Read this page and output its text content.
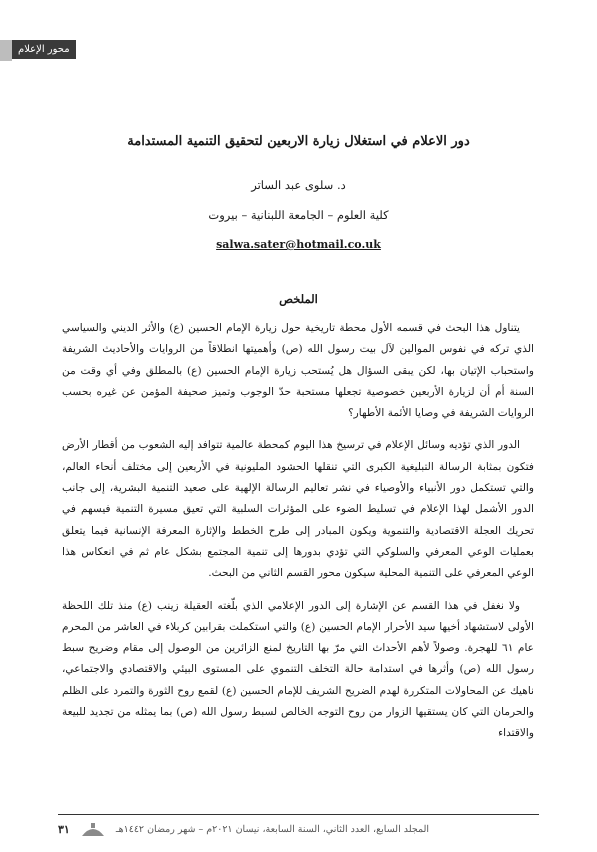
محور الإعلام
دور الاعلام في استغلال زيارة الاربعين لتحقيق التنمية المستدامة
د. سلوى عبد الساتر
كلية العلوم – الجامعة اللبنانية – بيروت
salwa.sater@hotmail.co.uk
الملخص

يتناول هذا البحث في قسمه الأول محطة تاريخية حول زيارة الإمام الحسين (ع) والأثر الديني والسياسي الذي تركه في نفوس الموالين لآل بيت رسول الله (ص) وأهميتها انطلاقاً من الروايات والأحاديث الشريفة واستحباب الإتيان بها، لكن يبقى السؤال هل يُستحب زيارة الإمام الحسين (ع) بالمطلق وفي أي وقت من السنة أم أن لزيارة الأربعين خصوصية تجعلها مستحبة حدّ الوجوب وتميز صحيفة المؤمن عن غيره بحسب الروايات الشريفة في وصايا الأئمة الأطهار؟

الدور الذي تؤديه وسائل الإعلام في ترسيخ هذا اليوم كمحطة عالمية تتوافد إليه الشعوب من أقطار الأرض فتكون بمثابة الرسالة التبليغية الكبرى التي تنقلها الحشود المليونية في الأربعين إلى مختلف أنحاء العالم، والتي تستكمل دور الأنبياء والأوصياء في نشر تعاليم الرسالة الإلهية على صعيد التنمية البشرية، إلى جانب الدور الأشمل لهذا الإعلام في تسليط الضوء على المؤثرات السلبية التي تعيق مسيرة التنمية فيسهم في تحريك العجلة الاقتصادية والتنموية ويكون المبادر إلى طرح الخطط والإثارة المعرفة الإنسانية فيما يتعلق بعمليات الوعي المعرفي والسلوكي التي تؤدي بدورها إلى تنمية المجتمع بشكل عام ثم في انعكاس هذا الوعي المعرفي على التنمية المحلية سيكون محور القسم الثاني من البحث.

ولا نغفل في هذا القسم عن الإشارة إلى الدور الإعلامي الذي بلّغته العقيلة زينب (ع) منذ تلك اللحظة الأولى لاستشهاد أخيها سيد الأحرار الإمام الحسين (ع) والتي استكملت بقرابين كربلاء في العاشر من المحرم عام ٦١ للهجرة. وصولاً لأهم الأحداث التي مرّ بها التاريخ لمنع الزائرين من الوصول إلى مقام وضريح سبط رسول الله (ص) وأثرها في استدامة حالة التخلف التنموي على المستوى البيئي والاقتصادي والاجتماعي، ناهيك عن المحاولات المتكررة لهدم الضريح الشريف للإمام الحسين (ع) لقمع روح الثورة والتمرد على الظلم والحرمان التي كان يستقيها الزوار من روح التوجه الخالص لسبط رسول الله (ص) بما يمثله من تجديد للبيعة والاقتداء

٣١	المجلد السابع، العدد الثاني، السنة السابعة، نيسان ٢٠٢١م – شهر رمضان ١٤٤٢هـ
